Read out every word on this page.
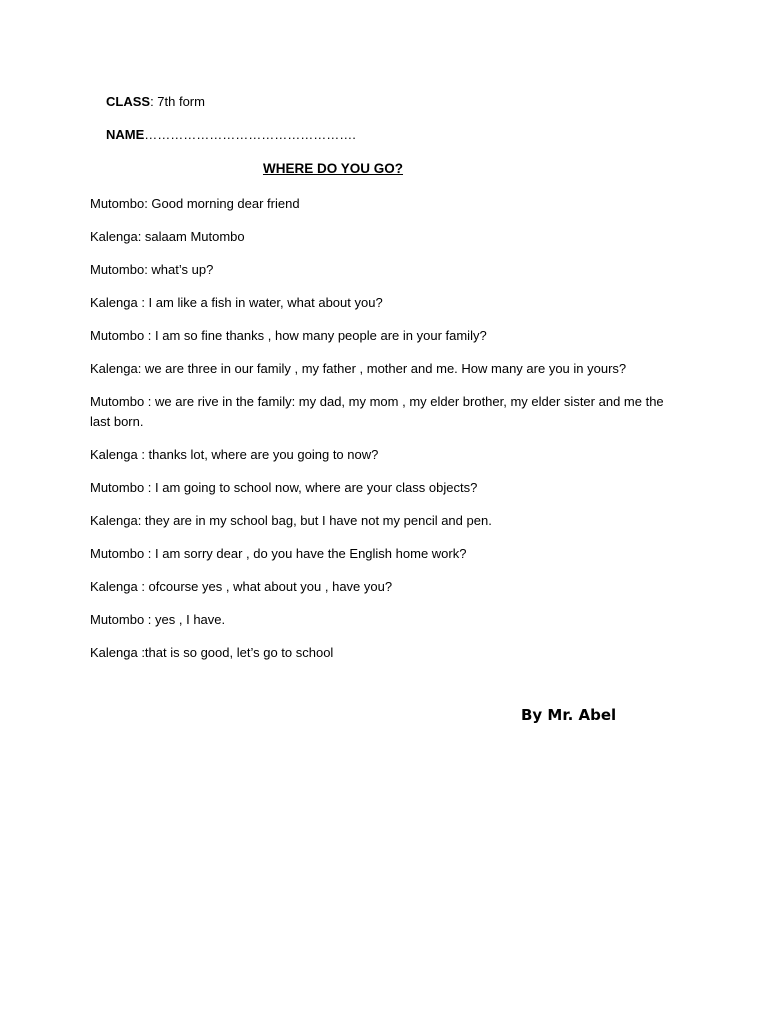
CLASS: 7th form
NAME………………………………………….
WHERE DO YOU GO?
Mutombo: Good morning dear friend
Kalenga: salaam Mutombo
Mutombo: what’s up?
Kalenga : I am like a fish in water, what about you?
Mutombo : I am so fine thanks , how many people are in your family?
Kalenga: we are three in our family , my father , mother and me. How many are you in yours?
Mutombo : we are rive in the family: my dad, my mom , my elder brother, my elder sister and me the last born.
Kalenga : thanks lot, where are you going to now?
Mutombo : I am going to school now, where are your class objects?
Kalenga: they are in my school bag, but I have not my pencil and pen.
Mutombo : I am sorry dear , do you have the English home work?
Kalenga : ofcourse yes , what about you , have you?
Mutombo : yes , I have.
Kalenga :that is so good, let’s go to school
By Mr. Abel
